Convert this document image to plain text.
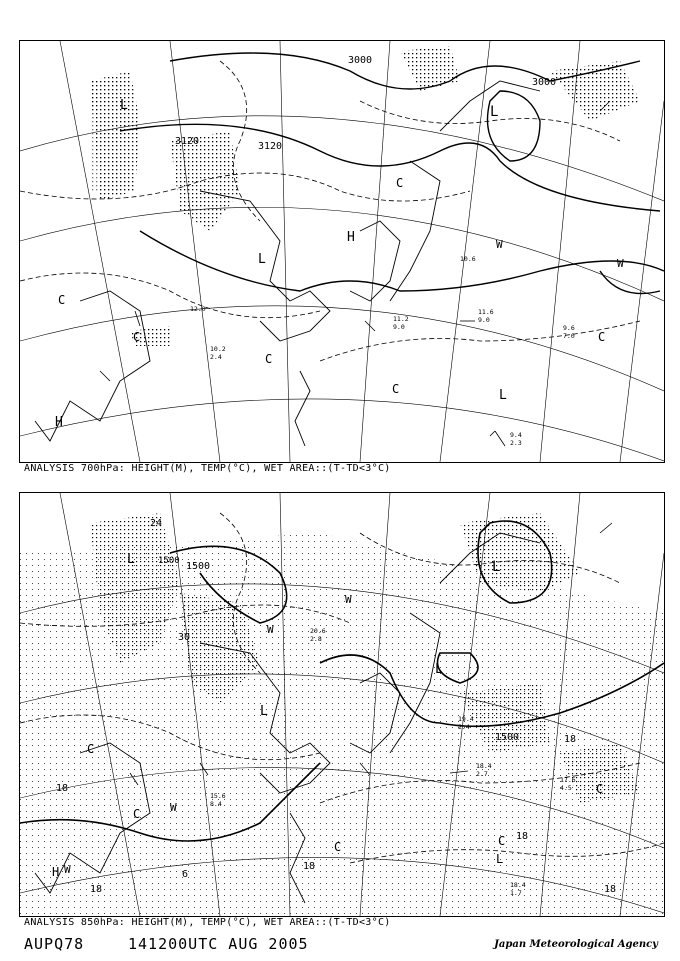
3000
3120	3120
3000
L	L
H
L
H
L
C
C
C
C
C
C
W
W
11.6
9.0
9.6
7.0
9.4
2.3
10.2
2.4
12.0
11.2
9.0
10.6
ANALYSIS 700hPa: HEIGHT(M), TEMP(°C), WET AREA::(T-TD<3°C)
1500
1500
1500
L	L
H
L
L
L
C
C
C
C
C
W
W
W
W
24
18
18
18
18
18
18
6
30
18.4
2.7
17.6
4.5
19.4
2.4
18.4
1.7
20.6
2.8
15.6
8.4
ANALYSIS 850hPa: HEIGHT(M), TEMP(°C), WET AREA::(T-TD<3°C)
AUPQ78	141200UTC AUG 2005	Japan Meteorological Agency
